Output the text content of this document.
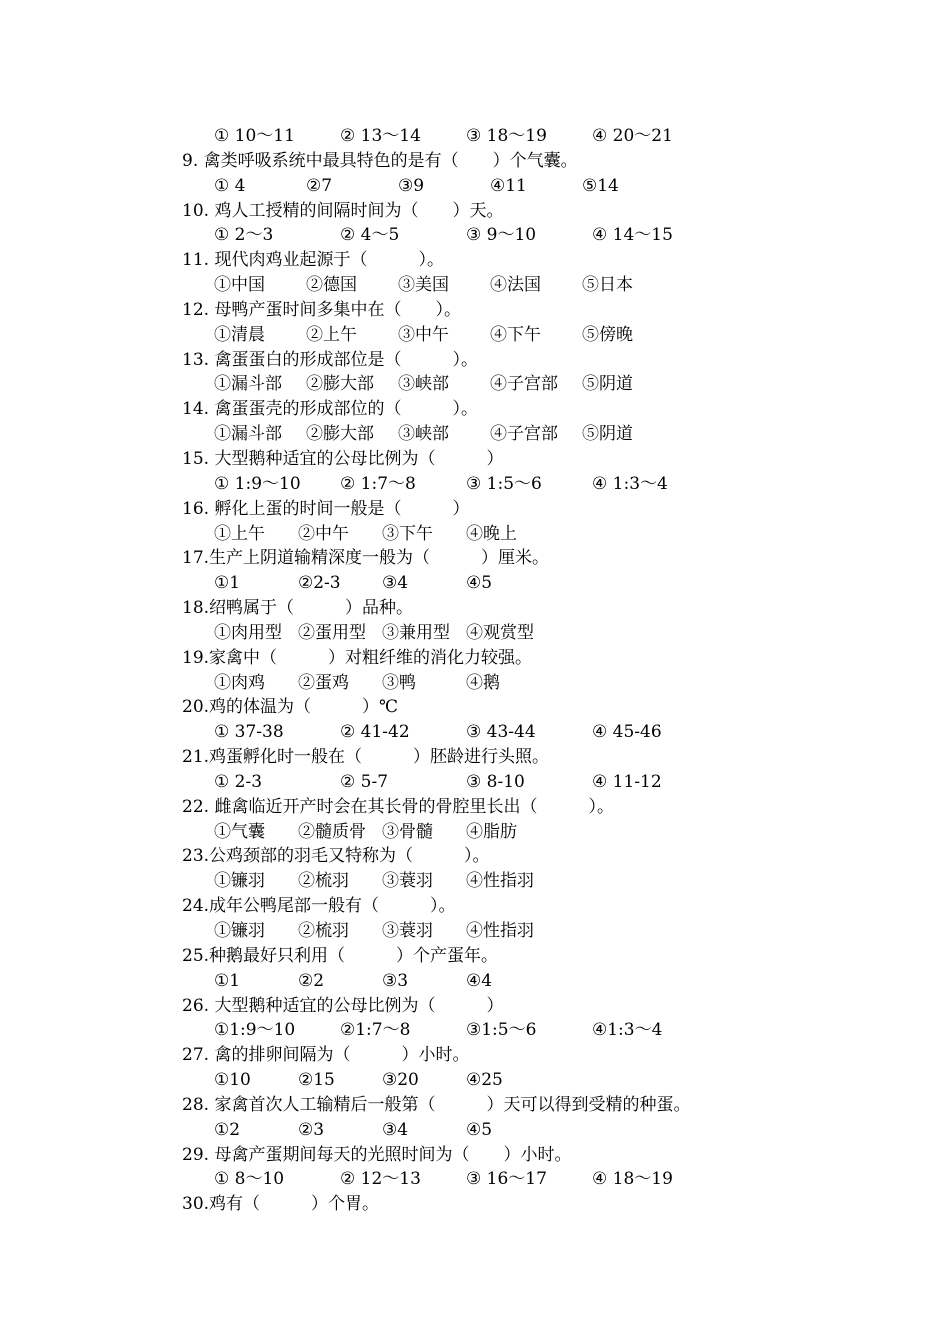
① 10～11	② 13～14	③ 18～19	④ 20～21
9. 禽类呼吸系统中最具特色的是有（　　）个气囊。
① 4	②7	③9	④11	⑤14
10. 鸡人工授精的间隔时间为（　　）天。
① 2～3	② 4～5	③ 9～10	④ 14～15
11. 现代肉鸡业起源于（　　　）。
①中国 ②德国 ③美国 ④法国 ⑤日本
12. 母鸭产蛋时间多集中在（　　）。
①清晨 ②上午 ③中午 ④下午 ⑤傍晚
13. 禽蛋蛋白的形成部位是（　　　）。
①漏斗部 ②膨大部 ③峡部 ④子宫部 ⑤阴道
14. 禽蛋蛋壳的形成部位的（　　　）。
①漏斗部 ②膨大部 ③峡部 ④子宫部 ⑤阴道
15. 大型鹅种适宜的公母比例为（　　　）
① 1:9～10 ② 1:7～8	③ 1:5～6	④ 1:3～4
16. 孵化上蛋的时间一般是（　　　）
①上午 ②中午 ③下午 ④晚上
17.生产上阴道输精深度一般为（　　　）厘米。
①1	②2-3 ③4	④5
18.绍鸭属于（　　　）品种。
①肉用型 ②蛋用型 ③兼用型 ④观赏型
19.家禽中（　　　）对粗纤维的消化力较强。
①肉鸡 ②蛋鸡 ③鸭	④鹅
20.鸡的体温为（　　　）℃
① 37-38	② 41-42	③ 43-44	④ 45-46
21.鸡蛋孵化时一般在（　　　）胚龄进行头照。
① 2-3	② 5-7	③ 8-10	④ 11-12
22. 雌禽临近开产时会在其长骨的骨腔里长出（　　　）。
①气囊 ②髓质骨 ③骨髓 ④脂肪
23.公鸡颈部的羽毛又特称为（　　　）。
①镰羽 ②梳羽 ③蓑羽 ④性指羽
24.成年公鸭尾部一般有（　　　）。
①镰羽 ②梳羽 ③蓑羽 ④性指羽
25.种鹅最好只利用（　　　）个产蛋年。
①1	②2	③3	④4
26. 大型鹅种适宜的公母比例为（　　　）
①1:9～10	②1:7～8	③1:5～6	④1:3～4
27. 禽的排卵间隔为（　　　）小时。
①10	②15	③20	④25
28. 家禽首次人工输精后一般第（　　　）天可以得到受精的种蛋。
①2	②3	③4	④5
29. 母禽产蛋期间每天的光照时间为（　　）小时。
① 8～10	② 12～13	③ 16～17	④ 18～19
30.鸡有（　　　）个胃。
